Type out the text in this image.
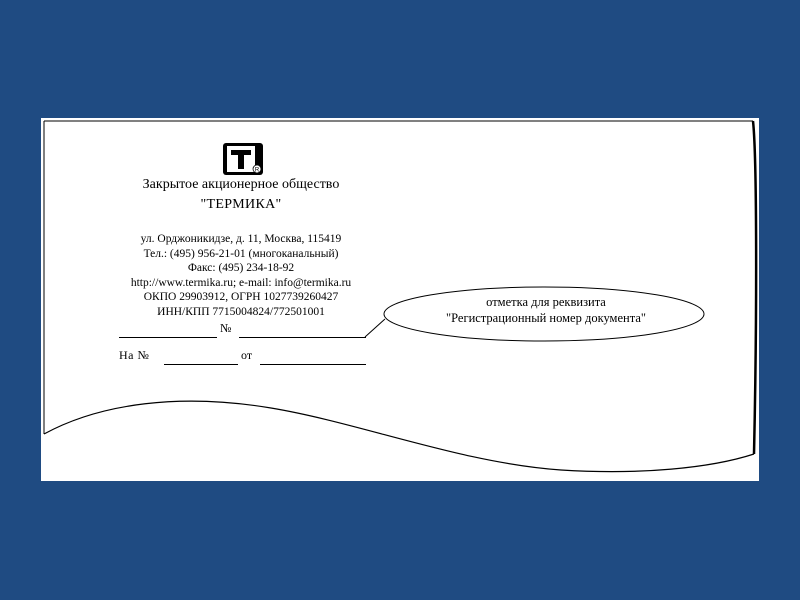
R
Закрытое акционерное общество
"ТЕРМИКА"
ул. Орджоникидзе, д. 11, Москва, 115419
Тел.: (495) 956-21-01 (многоканальный)
Факс: (495) 234-18-92
http://www.termika.ru; e-mail: info@termika.ru
ОКПО 29903912, ОГРН 1027739260427
ИНН/КПП 7715004824/772501001
№
На №	от
отметка для реквизита
"Регистрационный номер документа"
